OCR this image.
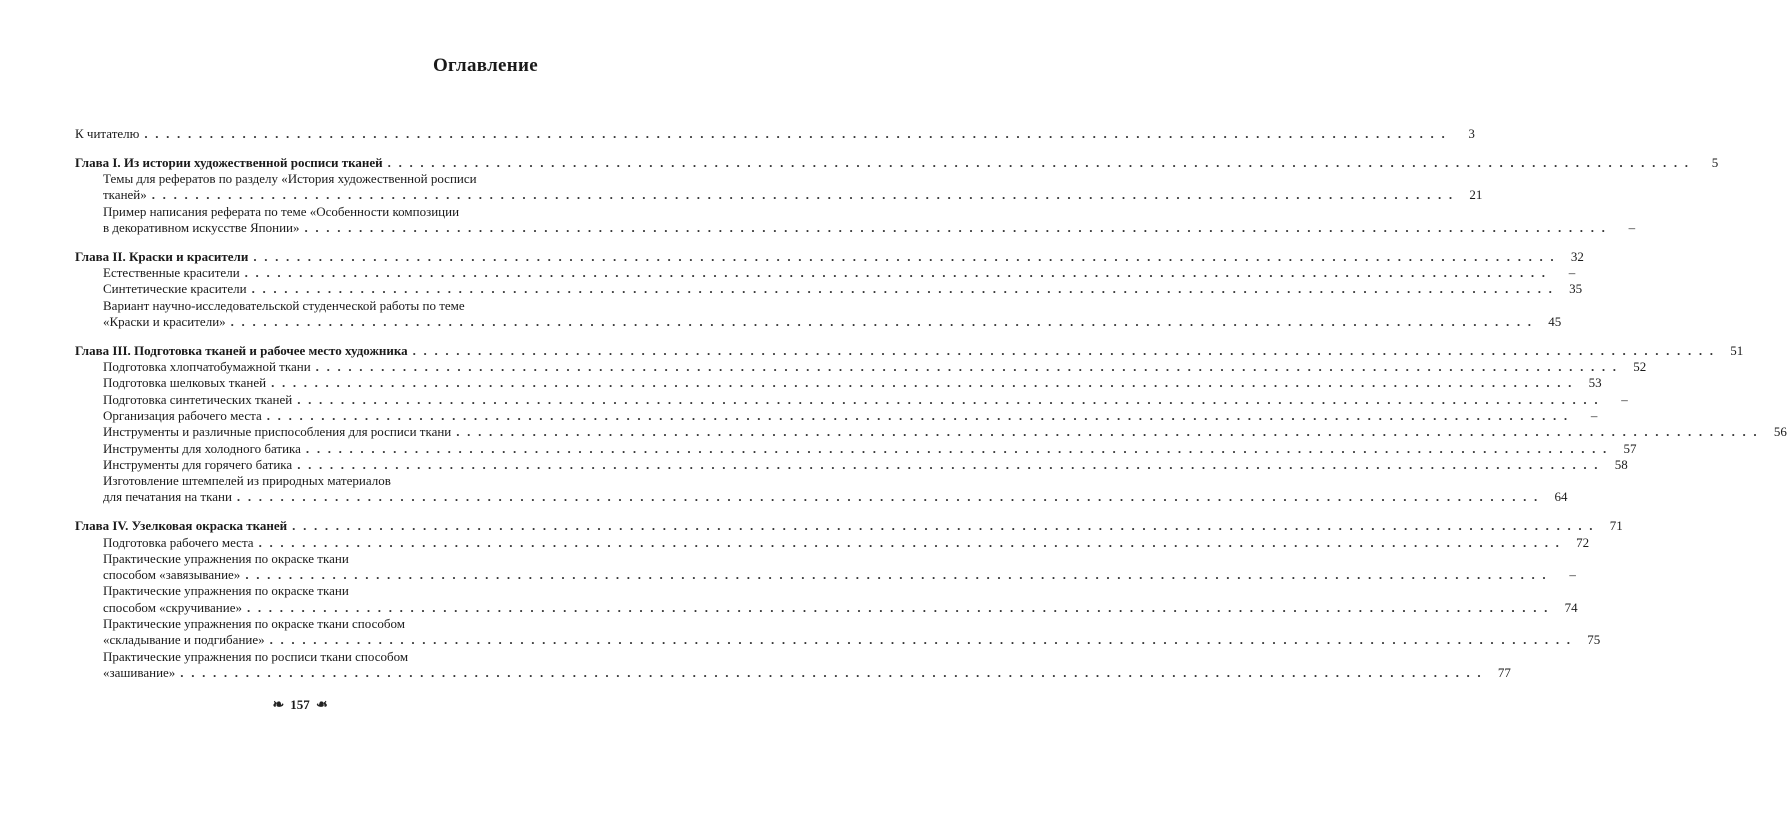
Оглавление
К читателю . . . . . . . . . . . . . . . . . . . . . . . . . . . . . . . . . . . . . . . . . . . . . . . . . . . . . . . . . . . . . . . . . . . . . . . . . . . . . . . . . . . . . . . . . . . . . . . . . . . . . . . . . . . . . . . . . . . . . . . .	3
Глава I. Из истории художественной росписи тканей . . . . . . . . . . . . . . . . . . . . . . . . . . . . . . . . . . . . . . . . . . . . . . . . . . . . . . . . . . . . . . . . . . . . . . . . . . . . . . . . . . . . . . . . . . . . . . . . . . . . . . . . . . . . . . . . . . . . . . . .	5
Темы для рефератов по разделу «История художественной росписи
тканей» . . . . . . . . . . . . . . . . . . . . . . . . . . . . . . . . . . . . . . . . . . . . . . . . . . . . . . . . . . . . . . . . . . . . . . . . . . . . . . . . . . . . . . . . . . . . . . . . . . . . . . . . . . . . . . . . . . . . . . . .	21
Пример написания реферата по теме «Особенности композиции
в декоративном искусстве Японии» . . . . . . . . . . . . . . . . . . . . . . . . . . . . . . . . . . . . . . . . . . . . . . . . . . . . . . . . . . . . . . . . . . . . . . . . . . . . . . . . . . . . . . . . . . . . . . . . . . . . . . . . . . . . . . . . . . . . . . . .	–
Глава II. Краски и красители . . . . . . . . . . . . . . . . . . . . . . . . . . . . . . . . . . . . . . . . . . . . . . . . . . . . . . . . . . . . . . . . . . . . . . . . . . . . . . . . . . . . . . . . . . . . . . . . . . . . . . . . . . . . . . . . . . . . . . . .	32
Естественные красители . . . . . . . . . . . . . . . . . . . . . . . . . . . . . . . . . . . . . . . . . . . . . . . . . . . . . . . . . . . . . . . . . . . . . . . . . . . . . . . . . . . . . . . . . . . . . . . . . . . . . . . . . . . . . . . . . . . . . . . .	–
Синтетические красители . . . . . . . . . . . . . . . . . . . . . . . . . . . . . . . . . . . . . . . . . . . . . . . . . . . . . . . . . . . . . . . . . . . . . . . . . . . . . . . . . . . . . . . . . . . . . . . . . . . . . . . . . . . . . . . . . . . . . . . .	35
Вариант научно-исследовательской студенческой работы по теме
«Краски и красители» . . . . . . . . . . . . . . . . . . . . . . . . . . . . . . . . . . . . . . . . . . . . . . . . . . . . . . . . . . . . . . . . . . . . . . . . . . . . . . . . . . . . . . . . . . . . . . . . . . . . . . . . . . . . . . . . . . . . . . . .	45
Глава III. Подготовка тканей и рабочее место художника . . . . . . . . . . . . . . . . . . . . . . . . . . . . . . . . . . . . . . . . . . . . . . . . . . . . . . . . . . . . . . . . . . . . . . . . . . . . . . . . . . . . . . . . . . . . . . . . . . . . . . . . . . . . . . . . . . . . . . . .	51
Подготовка хлопчатобумажной ткани . . . . . . . . . . . . . . . . . . . . . . . . . . . . . . . . . . . . . . . . . . . . . . . . . . . . . . . . . . . . . . . . . . . . . . . . . . . . . . . . . . . . . . . . . . . . . . . . . . . . . . . . . . . . . . . . . . . . . . . .	52
Подготовка шелковых тканей . . . . . . . . . . . . . . . . . . . . . . . . . . . . . . . . . . . . . . . . . . . . . . . . . . . . . . . . . . . . . . . . . . . . . . . . . . . . . . . . . . . . . . . . . . . . . . . . . . . . . . . . . . . . . . . . . . . . . . . .	53
Подготовка синтетических тканей . . . . . . . . . . . . . . . . . . . . . . . . . . . . . . . . . . . . . . . . . . . . . . . . . . . . . . . . . . . . . . . . . . . . . . . . . . . . . . . . . . . . . . . . . . . . . . . . . . . . . . . . . . . . . . . . . . . . . . . .	–
Организация рабочего места . . . . . . . . . . . . . . . . . . . . . . . . . . . . . . . . . . . . . . . . . . . . . . . . . . . . . . . . . . . . . . . . . . . . . . . . . . . . . . . . . . . . . . . . . . . . . . . . . . . . . . . . . . . . . . . . . . . . . . . .	–
Инструменты и различные приспособления для росписи ткани . . . . . . . . . . . . . . . . . . . . . . . . . . . . . . . . . . . . . . . . . . . . . . . . . . . . . . . . . . . . . . . . . . . . . . . . . . . . . . . . . . . . . . . . . . . . . . . . . . . . . . . . . . . . . . . . . . . . . . . .	56
Инструменты для холодного батика . . . . . . . . . . . . . . . . . . . . . . . . . . . . . . . . . . . . . . . . . . . . . . . . . . . . . . . . . . . . . . . . . . . . . . . . . . . . . . . . . . . . . . . . . . . . . . . . . . . . . . . . . . . . . . . . . . . . . . . .	57
Инструменты для горячего батика . . . . . . . . . . . . . . . . . . . . . . . . . . . . . . . . . . . . . . . . . . . . . . . . . . . . . . . . . . . . . . . . . . . . . . . . . . . . . . . . . . . . . . . . . . . . . . . . . . . . . . . . . . . . . . . . . . . . . . . .	58
Изготовление штемпелей из природных материалов
для печатания на ткани . . . . . . . . . . . . . . . . . . . . . . . . . . . . . . . . . . . . . . . . . . . . . . . . . . . . . . . . . . . . . . . . . . . . . . . . . . . . . . . . . . . . . . . . . . . . . . . . . . . . . . . . . . . . . . . . . . . . . . . .	64
Глава IV. Узелковая окраска тканей . . . . . . . . . . . . . . . . . . . . . . . . . . . . . . . . . . . . . . . . . . . . . . . . . . . . . . . . . . . . . . . . . . . . . . . . . . . . . . . . . . . . . . . . . . . . . . . . . . . . . . . . . . . . . . . . . . . . . . . .	71
Подготовка рабочего места . . . . . . . . . . . . . . . . . . . . . . . . . . . . . . . . . . . . . . . . . . . . . . . . . . . . . . . . . . . . . . . . . . . . . . . . . . . . . . . . . . . . . . . . . . . . . . . . . . . . . . . . . . . . . . . . . . . . . . . .	72
Практические упражнения по окраске ткани
способом «завязывание» . . . . . . . . . . . . . . . . . . . . . . . . . . . . . . . . . . . . . . . . . . . . . . . . . . . . . . . . . . . . . . . . . . . . . . . . . . . . . . . . . . . . . . . . . . . . . . . . . . . . . . . . . . . . . . . . . . . . . . . .	–
Практические упражнения по окраске ткани
способом «скручивание» . . . . . . . . . . . . . . . . . . . . . . . . . . . . . . . . . . . . . . . . . . . . . . . . . . . . . . . . . . . . . . . . . . . . . . . . . . . . . . . . . . . . . . . . . . . . . . . . . . . . . . . . . . . . . . . . . . . . . . . .	74
Практические упражнения по окраске ткани способом
«складывание и подгибание» . . . . . . . . . . . . . . . . . . . . . . . . . . . . . . . . . . . . . . . . . . . . . . . . . . . . . . . . . . . . . . . . . . . . . . . . . . . . . . . . . . . . . . . . . . . . . . . . . . . . . . . . . . . . . . . . . . . . . . . .	75
Практические упражнения по росписи ткани способом
«зашивание» . . . . . . . . . . . . . . . . . . . . . . . . . . . . . . . . . . . . . . . . . . . . . . . . . . . . . . . . . . . . . . . . . . . . . . . . . . . . . . . . . . . . . . . . . . . . . . . . . . . . . . . . . . . . . . . . . . . . . . . .	77
❧ 157 ❧
